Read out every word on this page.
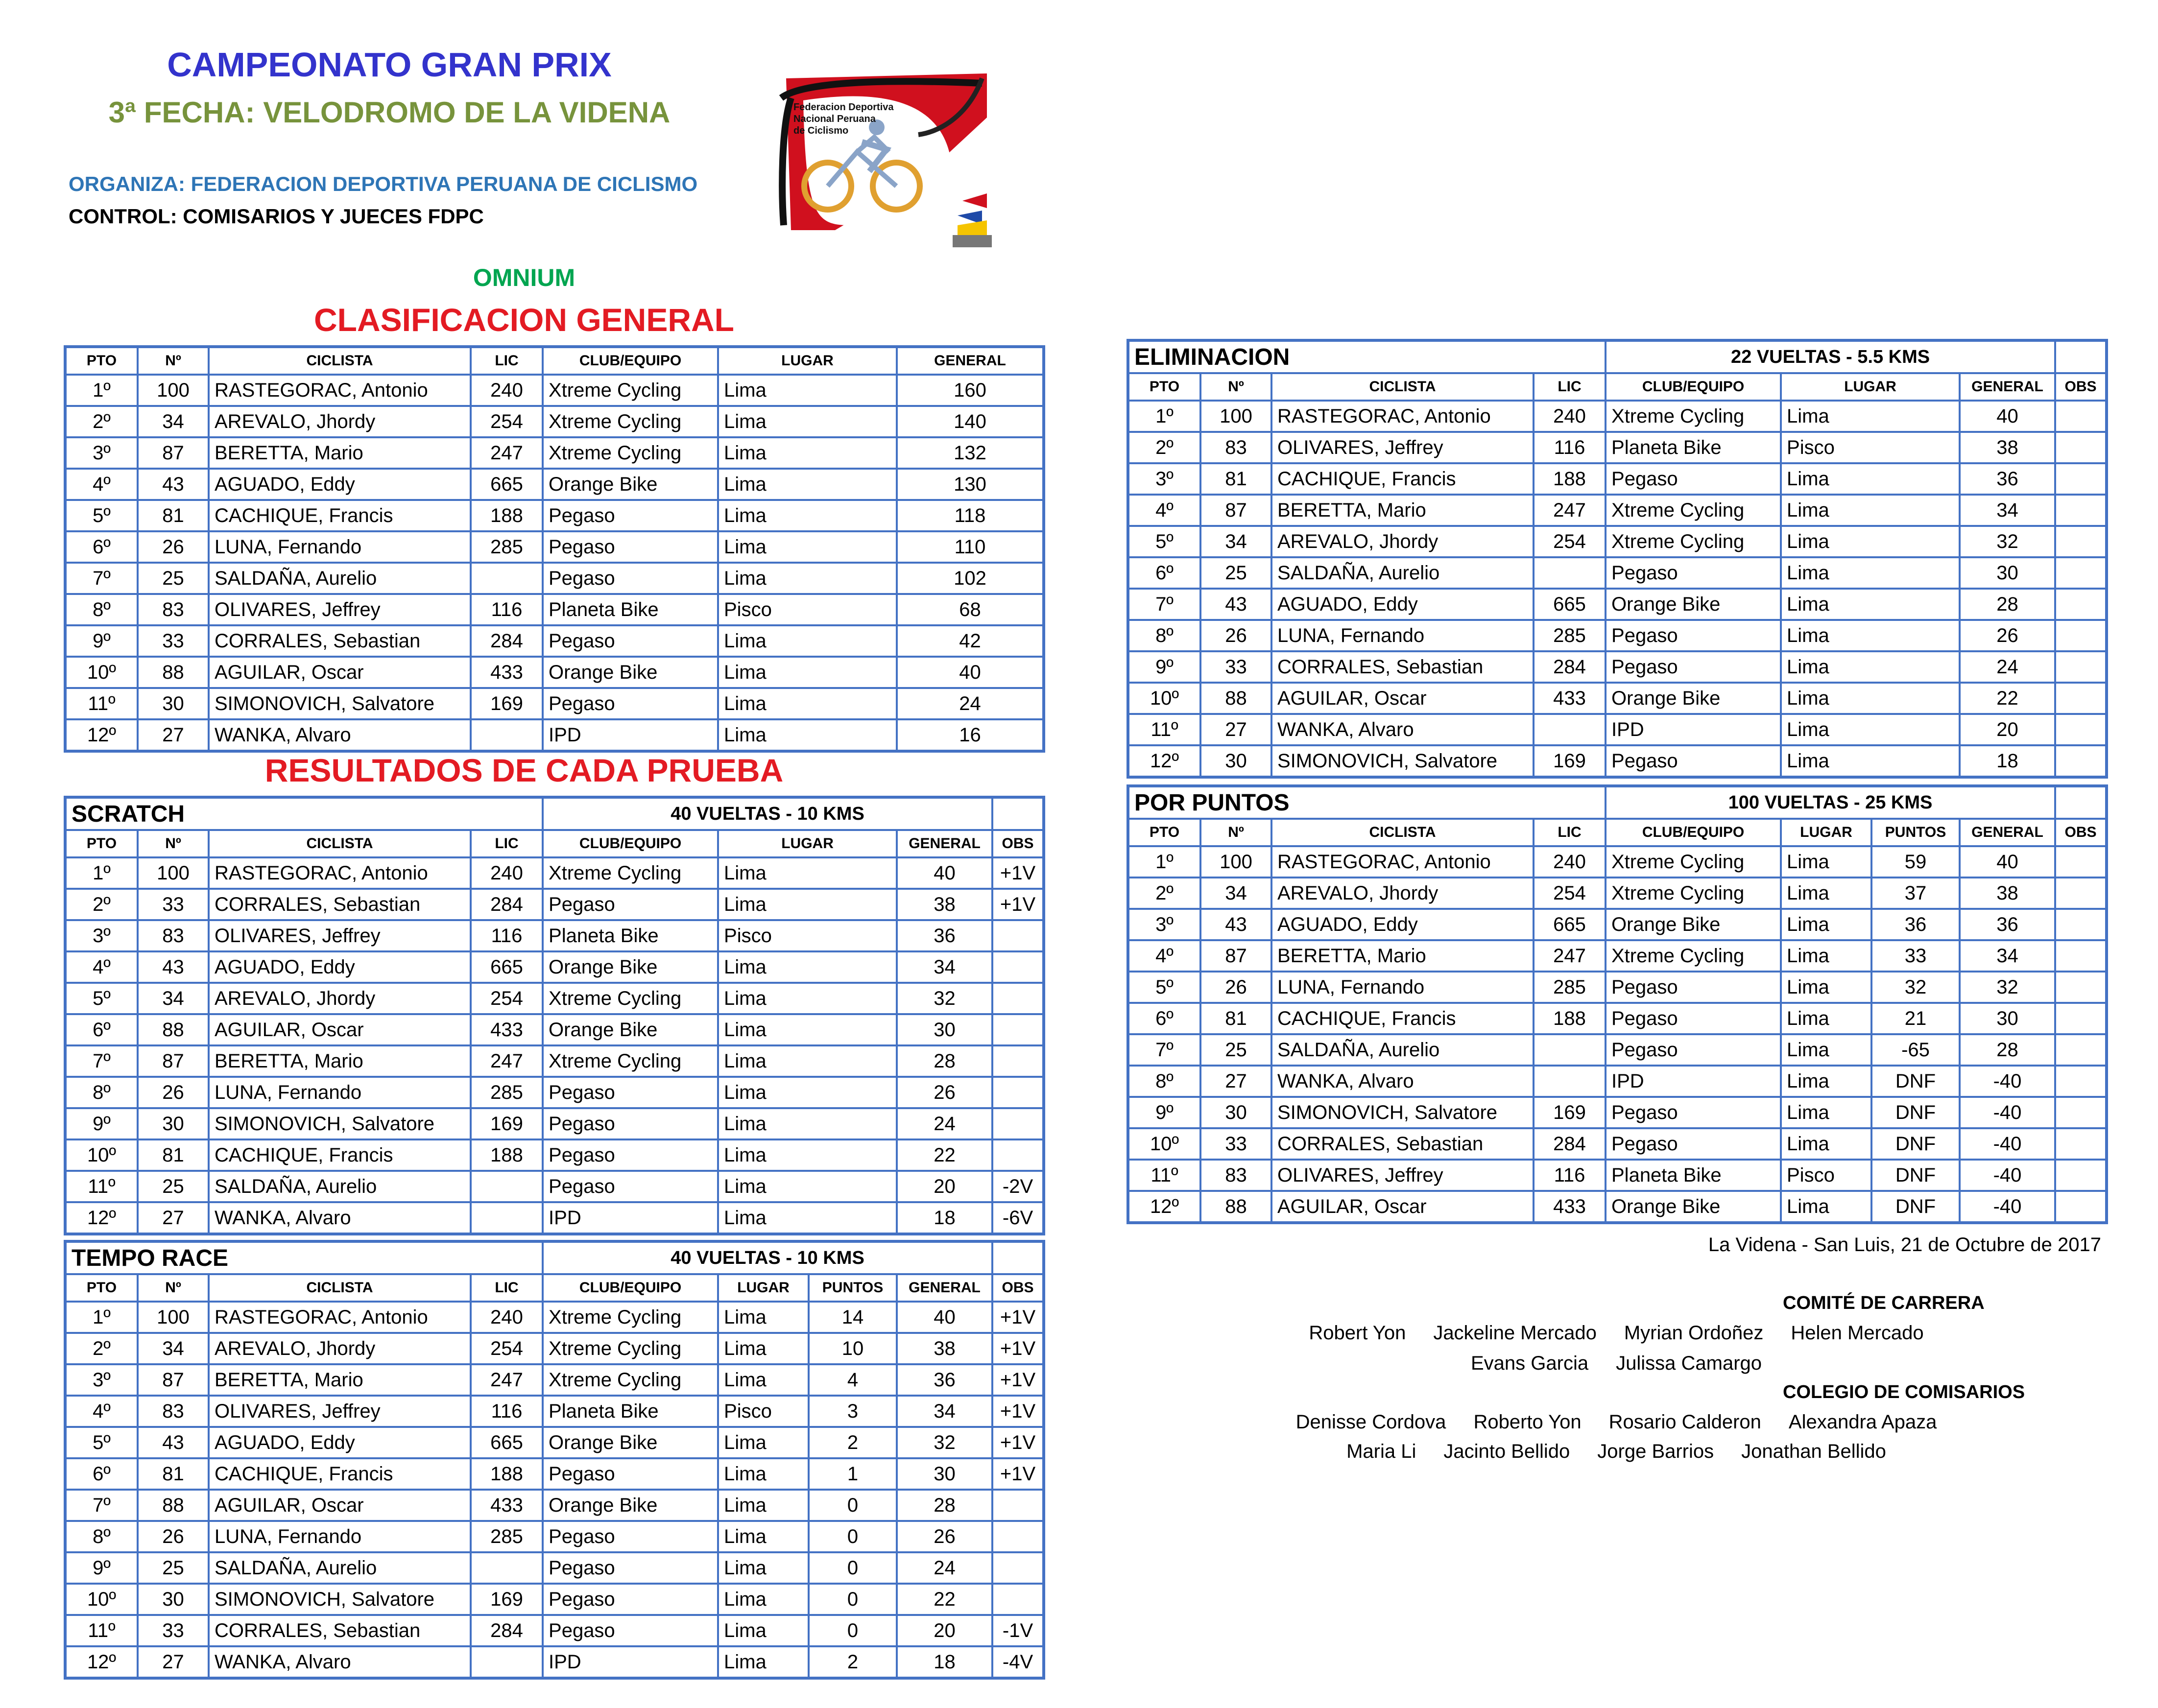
CAMPEONATO GRAN PRIX
3ª FECHA: VELODROMO DE LA VIDENA
ORGANIZA: FEDERACION DEPORTIVA PERUANA DE CICLISMO
CONTROL: COMISARIOS Y JUECES FDPC
OMNIUM
CLASIFICACION GENERAL
RESULTADOS DE CADA PRUEBA
Federacion Deportiva
Nacional Peruana
de Ciclismo
PTO	Nº	CICLISTA	LIC	CLUB/EQUIPO	LUGAR	GENERAL
1º	100	RASTEGORAC, Antonio	240	Xtreme Cycling	Lima	160
2º	34	AREVALO, Jhordy	254	Xtreme Cycling	Lima	140
3º	87	BERETTA, Mario	247	Xtreme Cycling	Lima	132
4º	43	AGUADO, Eddy	665	Orange Bike	Lima	130
5º	81	CACHIQUE, Francis	188	Pegaso	Lima	118
6º	26	LUNA, Fernando	285	Pegaso	Lima	110
7º	25	SALDAÑA, Aurelio		Pegaso	Lima	102
8º	83	OLIVARES, Jeffrey	116	Planeta Bike	Pisco	68
9º	33	CORRALES, Sebastian	284	Pegaso	Lima	42
10º	88	AGUILAR, Oscar	433	Orange Bike	Lima	40
11º	30	SIMONOVICH, Salvatore	169	Pegaso	Lima	24
12º	27	WANKA, Alvaro		IPD	Lima	16
SCRATCH				40 VUELTAS - 10 KMS			
PTO	Nº	CICLISTA	LIC	CLUB/EQUIPO	LUGAR	GENERAL	OBS
1º	100	RASTEGORAC, Antonio	240	Xtreme Cycling	Lima	40	+1V
2º	33	CORRALES, Sebastian	284	Pegaso	Lima	38	+1V
3º	83	OLIVARES, Jeffrey	116	Planeta Bike	Pisco	36	
4º	43	AGUADO, Eddy	665	Orange Bike	Lima	34	
5º	34	AREVALO, Jhordy	254	Xtreme Cycling	Lima	32	
6º	88	AGUILAR, Oscar	433	Orange Bike	Lima	30	
7º	87	BERETTA, Mario	247	Xtreme Cycling	Lima	28	
8º	26	LUNA, Fernando	285	Pegaso	Lima	26	
9º	30	SIMONOVICH, Salvatore	169	Pegaso	Lima	24	
10º	81	CACHIQUE, Francis	188	Pegaso	Lima	22	
11º	25	SALDAÑA, Aurelio		Pegaso	Lima	20	-2V
12º	27	WANKA, Alvaro		IPD	Lima	18	-6V
TEMPO RACE				40 VUELTAS - 10 KMS				
PTO	Nº	CICLISTA	LIC	CLUB/EQUIPO	LUGAR	PUNTOS	GENERAL	OBS
1º	100	RASTEGORAC, Antonio	240	Xtreme Cycling	Lima	14	40	+1V
2º	34	AREVALO, Jhordy	254	Xtreme Cycling	Lima	10	38	+1V
3º	87	BERETTA, Mario	247	Xtreme Cycling	Lima	4	36	+1V
4º	83	OLIVARES, Jeffrey	116	Planeta Bike	Pisco	3	34	+1V
5º	43	AGUADO, Eddy	665	Orange Bike	Lima	2	32	+1V
6º	81	CACHIQUE, Francis	188	Pegaso	Lima	1	30	+1V
7º	88	AGUILAR, Oscar	433	Orange Bike	Lima	0	28	
8º	26	LUNA, Fernando	285	Pegaso	Lima	0	26	
9º	25	SALDAÑA, Aurelio		Pegaso	Lima	0	24	
10º	30	SIMONOVICH, Salvatore	169	Pegaso	Lima	0	22	
11º	33	CORRALES, Sebastian	284	Pegaso	Lima	0	20	-1V
12º	27	WANKA, Alvaro		IPD	Lima	2	18	-4V
ELIMINACION				22 VUELTAS - 5.5 KMS			
PTO	Nº	CICLISTA	LIC	CLUB/EQUIPO	LUGAR	GENERAL	OBS
1º	100	RASTEGORAC, Antonio	240	Xtreme Cycling	Lima	40	
2º	83	OLIVARES, Jeffrey	116	Planeta Bike	Pisco	38	
3º	81	CACHIQUE, Francis	188	Pegaso	Lima	36	
4º	87	BERETTA, Mario	247	Xtreme Cycling	Lima	34	
5º	34	AREVALO, Jhordy	254	Xtreme Cycling	Lima	32	
6º	25	SALDAÑA, Aurelio		Pegaso	Lima	30	
7º	43	AGUADO, Eddy	665	Orange Bike	Lima	28	
8º	26	LUNA, Fernando	285	Pegaso	Lima	26	
9º	33	CORRALES, Sebastian	284	Pegaso	Lima	24	
10º	88	AGUILAR, Oscar	433	Orange Bike	Lima	22	
11º	27	WANKA, Alvaro		IPD	Lima	20	
12º	30	SIMONOVICH, Salvatore	169	Pegaso	Lima	18	
POR PUNTOS				100 VUELTAS - 25 KMS				
PTO	Nº	CICLISTA	LIC	CLUB/EQUIPO	LUGAR	PUNTOS	GENERAL	OBS
1º	100	RASTEGORAC, Antonio	240	Xtreme Cycling	Lima	59	40	
2º	34	AREVALO, Jhordy	254	Xtreme Cycling	Lima	37	38	
3º	43	AGUADO, Eddy	665	Orange Bike	Lima	36	36	
4º	87	BERETTA, Mario	247	Xtreme Cycling	Lima	33	34	
5º	26	LUNA, Fernando	285	Pegaso	Lima	32	32	
6º	81	CACHIQUE, Francis	188	Pegaso	Lima	21	30	
7º	25	SALDAÑA, Aurelio		Pegaso	Lima	-65	28	
8º	27	WANKA, Alvaro		IPD	Lima	DNF	-40	
9º	30	SIMONOVICH, Salvatore	169	Pegaso	Lima	DNF	-40	
10º	33	CORRALES, Sebastian	284	Pegaso	Lima	DNF	-40	
11º	83	OLIVARES, Jeffrey	116	Planeta Bike	Pisco	DNF	-40	
12º	88	AGUILAR, Oscar	433	Orange Bike	Lima	DNF	-40	
La Videna - San Luis, 21 de Octubre de 2017
COMITÉ DE CARRERA
Robert Yon Jackeline Mercado Myrian Ordoñez Helen Mercado
Evans Garcia Julissa Camargo
COLEGIO DE COMISARIOS
Denisse Cordova Roberto Yon Rosario Calderon Alexandra Apaza
Maria Li Jacinto Bellido Jorge Barrios Jonathan Bellido
